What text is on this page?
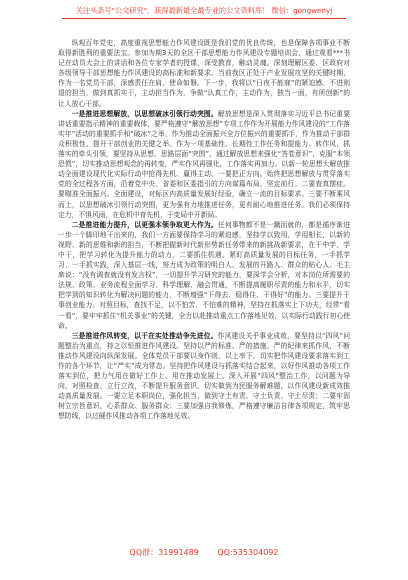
关注头条号"公文研究"，获得最新最全最专业的公文资料库！ 微信：gongwenyj

纵观百年党史，高度重视思想能力作风建设既是我们党的优良传统，也是保障各项事业不断取得新胜利的重要法宝。参加为期3天的全区干部思想能力作风建设专题培训会，通过观看***书记在动员大会上的讲话和各位专家学者的授课，深受教育，触动灵魂。深刻理解区委、区政府对各级领导干部思想能力作风建设的高标准和新要求。当前我区正处于产业发展攻坚的关键时期，作为一名党员干部，深感责任在肩、使命如磐。下一步，我将以“日夜不能寐”的紧迫感、不进则退的担当，做到真抓实干，主动担当作为，争做“认真工作，主动作为，独当一面，有所创新”的让人放心干部。

一是推进思想解放，以思想破冰引领行动突围。解放思想是深入贯彻落实习近平总书记重要讲话重要指示精神的重要载体，要严格遵守“解放思想”专项工作作为开展能力作风建设的“工作落实年”活动的重要抓手和“破冰”之举，作为推动全面振兴全方位振兴的重要抓手，作为推动干部群众积极性、提升干部创业的关键之举。作为一项基础性、长期性工作任务和提能力、转作风，抓落实的牵头引领，要坚持从思想、思路层面“突围”，通过解放思想来强化“答卷意识”，克服“本领恐慌”，切实推动思想观念的再转变，严实作风再强化，工作落实再加力。以新一轮思想大解放推动全面建设现代化实际行动中抢得先机、赢得主动。一要把正方向。始终把思想解放与贯穿落实党的全过程各方面，沿着党中央、省委和区委指引的方向谋篇布局、坚定前行。二要查真摆症。要瞄准全面振兴、全面建设，对标区内高质量发展好经验，确立一流的目标要求。三要不断乘风而上，以思想破冰引领行动突围，更为强有力地推进任务，更有耐心地推进任务。我们必须保持定力，不惧风雨，在危机中育先机，于变局中开新局。

二是推进能力提升，以更强本领争取更大作为。任何事物都不是一蹴而就的，都是循序渐进一步一个脚印地干出来的，我们一方面要保持学习的紧迫感，坚持学以致用，学用相长，以新的视野、新的思维和新的担当，不断把握新时代新形势新任务带来的新挑战新要求，在干中学、学中干，把学习转化为提升能力的动力。二要抓住机遇。紧盯高质量发展的目标任务，一手抓学习，一手抓实践，深入基层一线，努力成为政策的明白人、发展的开路人、群众的贴心人。毛主席说：“没有调查就没有发言权”，一切提升学习研究的能力，要深学会分析，对本岗位所需要的法规、政策、业务流程全面学习、科学理解、融会贯通，不断提高履职尽责的能力和水平，切实把学到的知识转化为解决问题的能力，不断增强“下得去、稳得住、干得好”的能力。三要提升干事创业能力。对照目标，查找不足，以不怕苦、不怕难的精神，坚持在抓落实上下功夫，经常“看一看”，要牢牢抓住“机关事业”的关键，全力以赴推动重点工作落地见效，以实际行动践行初心使命。

三是推进作风转变，以干在实处推动争先进位。作风建设关乎事业成败，要坚持以“四风”问题整治为重点，持之以恒推进作风建设。坚持以严的标准、严的措施、严的纪律来抓作风，不断推动作风建设向纵深发展。全体党员干部要以身作则、以上率下，切实把作风建设要求落实到工作的各个环节，让“严实”成为常态。坚持把作风建设与抓落实结合起来，以好作风推动各项工作落实到位，把力气用在做好工作上、用在推动发展上。深入开展“四风”整治工作，以问题为导向，对照检查、立行立改，不断提升服务意识，切实做到为民服务解难题，以作风建设新成效推动高质量发展。一要立足本职岗位，强化担当，做到守土有责、守土负责、守土尽责；二要牢固树立宗旨意识，心系群众、服务群众；三要加强自我修炼，严格遵守廉洁自律各项规定，筑牢思想防线，以过硬作风推动各项工作落地见效。

QQ群：31991489 QQ:535304092
